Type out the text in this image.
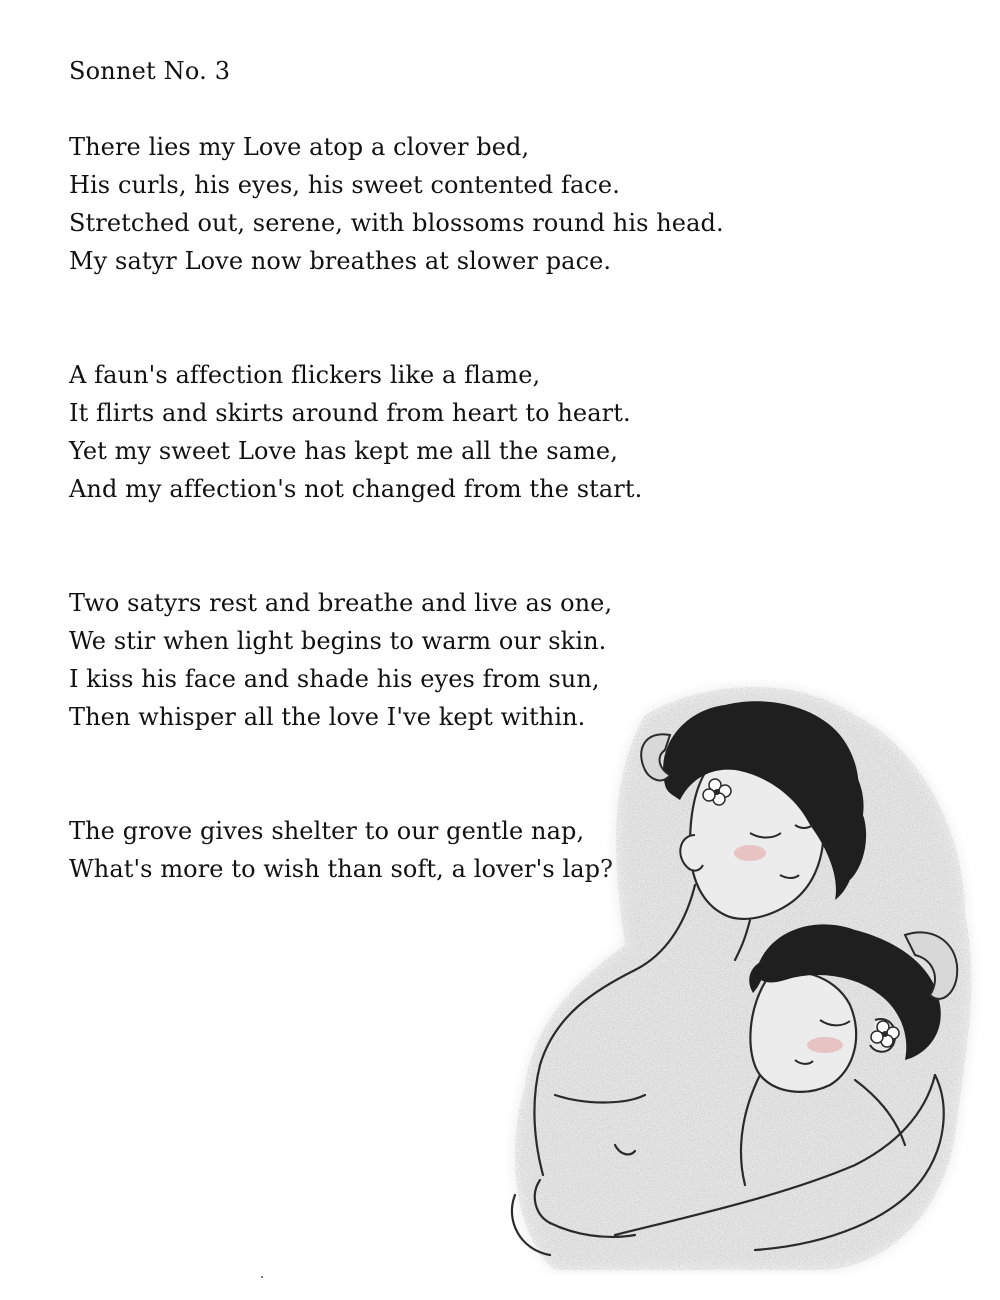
Sonnet No. 3
There lies my Love atop a clover bed,
His curls, his eyes, his sweet contented face.
Stretched out, serene, with blossoms round his head.
My satyr Love now breathes at slower pace.
A faun's affection flickers like a flame,
It flirts and skirts around from heart to heart.
Yet my sweet Love has kept me all the same,
And my affection's not changed from the start.
Two satyrs rest and breathe and live as one,
We stir when light begins to warm our skin.
I kiss his face and shade his eyes from sun,
Then whisper all the love I've kept within.
The grove gives shelter to our gentle nap,
What's more to wish than soft, a lover's lap?
